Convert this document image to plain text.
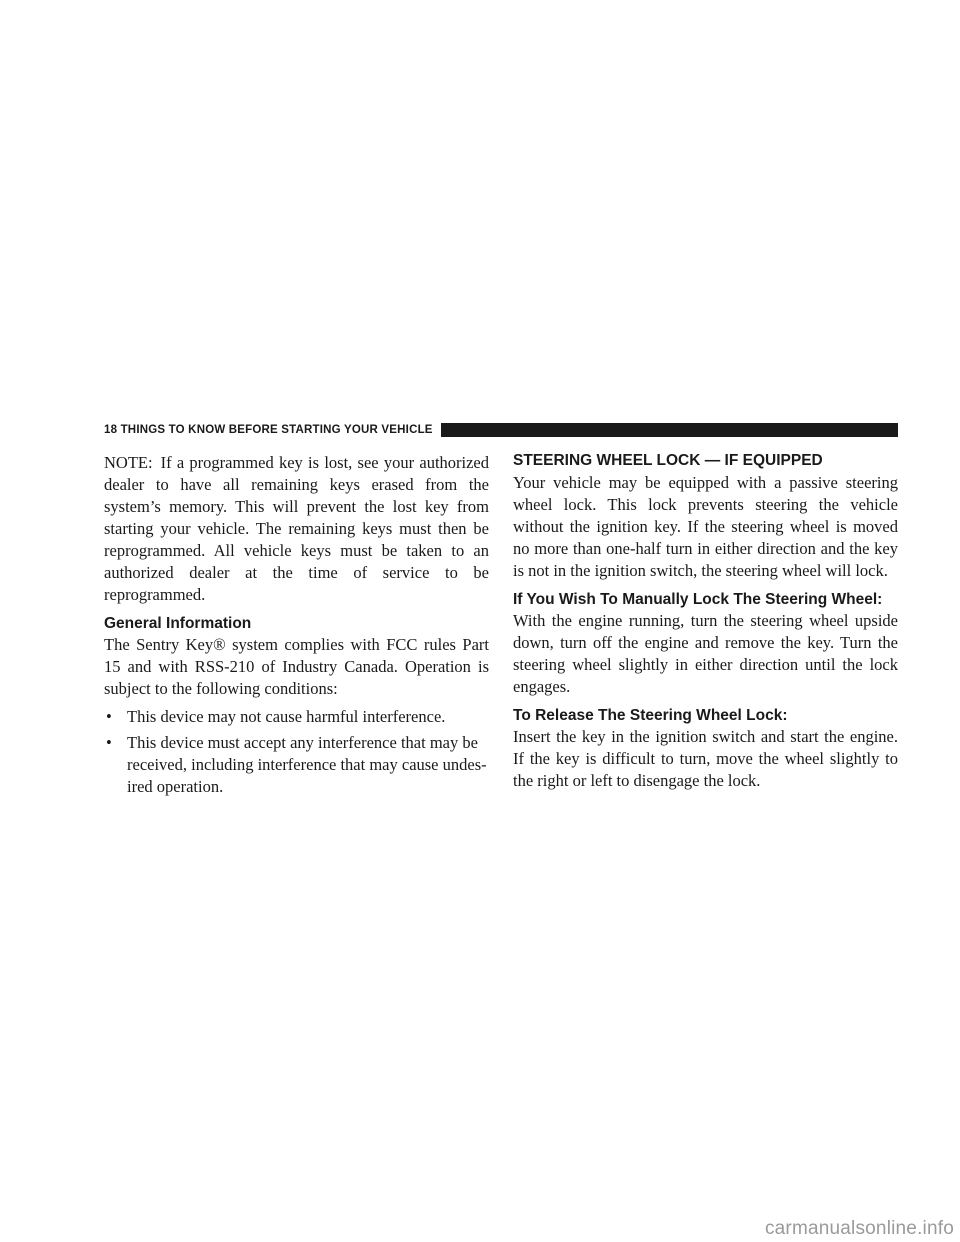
18 THINGS TO KNOW BEFORE STARTING YOUR VEHICLE

NOTE: If a programmed key is lost, see your authorized dealer to have all remaining keys erased from the system’s memory. This will prevent the lost key from starting your vehicle. The remaining keys must then be reprogrammed. All vehicle keys must be taken to an authorized dealer at the time of service to be reprogrammed.

General Information

The Sentry Key® system complies with FCC rules Part 15 and with RSS-210 of Industry Canada. Operation is subject to the following conditions:

• This device may not cause harmful interference.
• This device must accept any interference that may be received, including interference that may cause undesired operation.
STEERING WHEEL LOCK — IF EQUIPPED

Your vehicle may be equipped with a passive steering wheel lock. This lock prevents steering the vehicle without the ignition key. If the steering wheel is moved no more than one-half turn in either direction and the key is not in the ignition switch, the steering wheel will lock.

If You Wish To Manually Lock The Steering Wheel:

With the engine running, turn the steering wheel upside down, turn off the engine and remove the key. Turn the steering wheel slightly in either direction until the lock engages.

To Release The Steering Wheel Lock:

Insert the key in the ignition switch and start the engine. If the key is difficult to turn, move the wheel slightly to the right or left to disengage the lock.

carmanualsonline.info
